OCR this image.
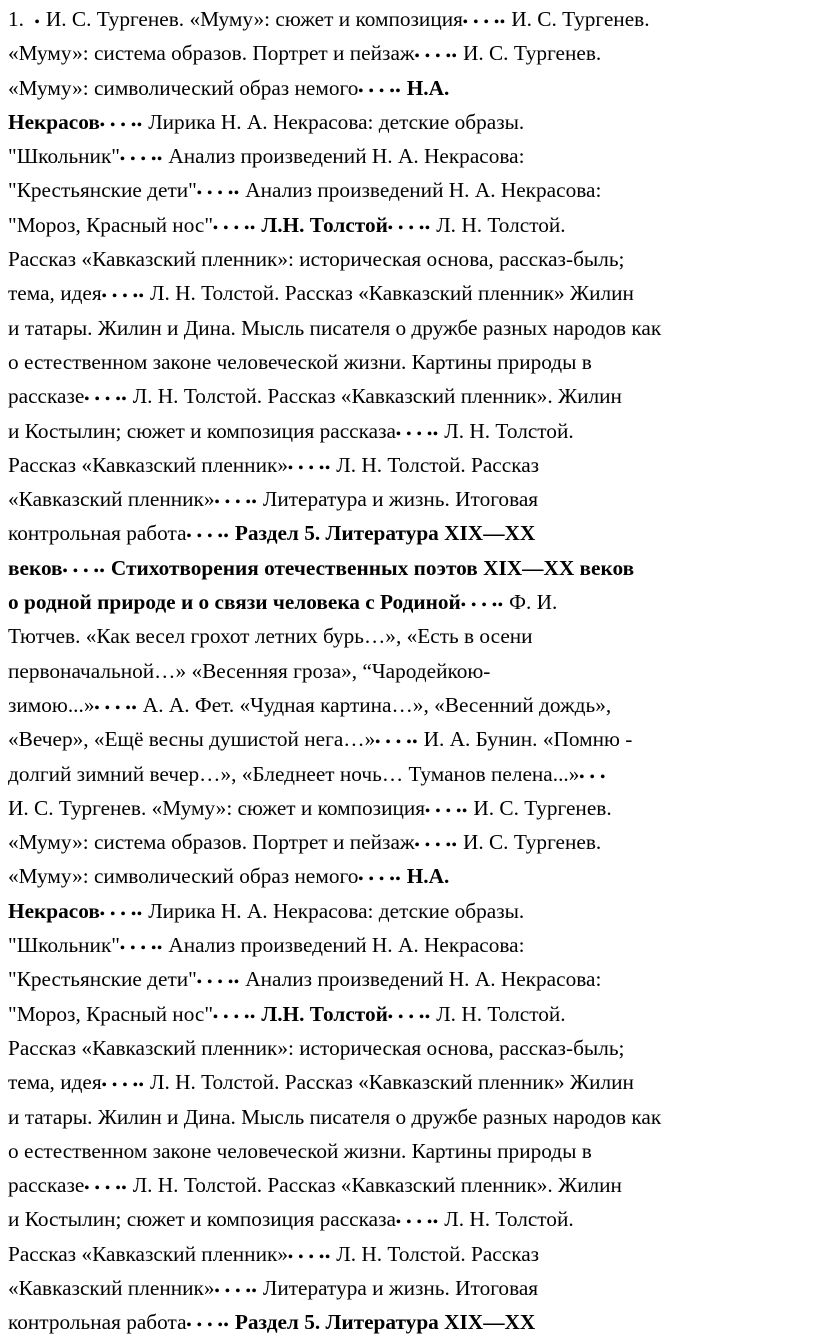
1.  • И. С. Тургенев. «Муму»: сюжет и композиция• • • •• И. С. Тургенев.
«Муму»: система образов. Портрет и пейзаж• • • •• И. С. Тургенев.
«Муму»: символический образ немого• • • •• Н.А.
Некрасов• • • •• Лирика Н. А. Некрасова: детские образы.
"Школьник"• • • •• Анализ произведений Н. А. Некрасова:
"Крестьянские дети"• • • •• Анализ произведений Н. А. Некрасова:
"Мороз, Красный нос"• • • •• Л.Н. Толстой• • • •• Л. Н. Толстой.
Рассказ «Кавказский пленник»: историческая основа, рассказ-быль;
тема, идея• • • •• Л. Н. Толстой. Рассказ «Кавказский пленник» Жилин
и татары. Жилин и Дина. Мысль писателя о дружбе разных народов как
о естественном законе человеческой жизни. Картины природы в
рассказе• • • •• Л. Н. Толстой. Рассказ «Кавказский пленник». Жилин
и Костылин; сюжет и композиция рассказа• • • •• Л. Н. Толстой.
Рассказ «Кавказский пленник»• • • •• Л. Н. Толстой. Рассказ
«Кавказский пленник»• • • •• Литература и жизнь. Итоговая
контрольная работа• • • •• Раздел 5. Литература XIX—XX
веков• • • •• Стихотворения отечественных поэтов XIX—XX веков
о родной природе и о связи человека с Родиной• • • •• Ф. И.
Тютчев. «Как весел грохот летних бурь…», «Есть в осени
первоначальной…» «Весенняя гроза», “Чародейкою-
зимою...»• • • •• А. А. Фет. «Чудная картина…», «Весенний дождь»,
«Вечер», «Ещё весны душистой нега…»• • • •• И. А. Бунин. «Помню -
долгий зимний вечер…», «Бледнеет ночь… Туманов пелена...»• • •
И. С. Тургенев. «Муму»: сюжет и композиция• • • •• И. С. Тургенев.
«Муму»: система образов. Портрет и пейзаж• • • •• И. С. Тургенев.
«Муму»: символический образ немого• • • •• Н.А.
Некрасов• • • •• Лирика Н. А. Некрасова: детские образы.
"Школьник"• • • •• Анализ произведений Н. А. Некрасова:
"Крестьянские дети"• • • •• Анализ произведений Н. А. Некрасова:
"Мороз, Красный нос"• • • •• Л.Н. Толстой• • • •• Л. Н. Толстой.
Рассказ «Кавказский пленник»: историческая основа, рассказ-быль;
тема, идея• • • •• Л. Н. Толстой. Рассказ «Кавказский пленник» Жилин
и татары. Жилин и Дина. Мысль писателя о дружбе разных народов как
о естественном законе человеческой жизни. Картины природы в
рассказе• • • •• Л. Н. Толстой. Рассказ «Кавказский пленник». Жилин
и Костылин; сюжет и композиция рассказа• • • •• Л. Н. Толстой.
Рассказ «Кавказский пленник»• • • •• Л. Н. Толстой. Рассказ
«Кавказский пленник»• • • •• Литература и жизнь. Итоговая
контрольная работа• • • •• Раздел 5. Литература XIX—XX
